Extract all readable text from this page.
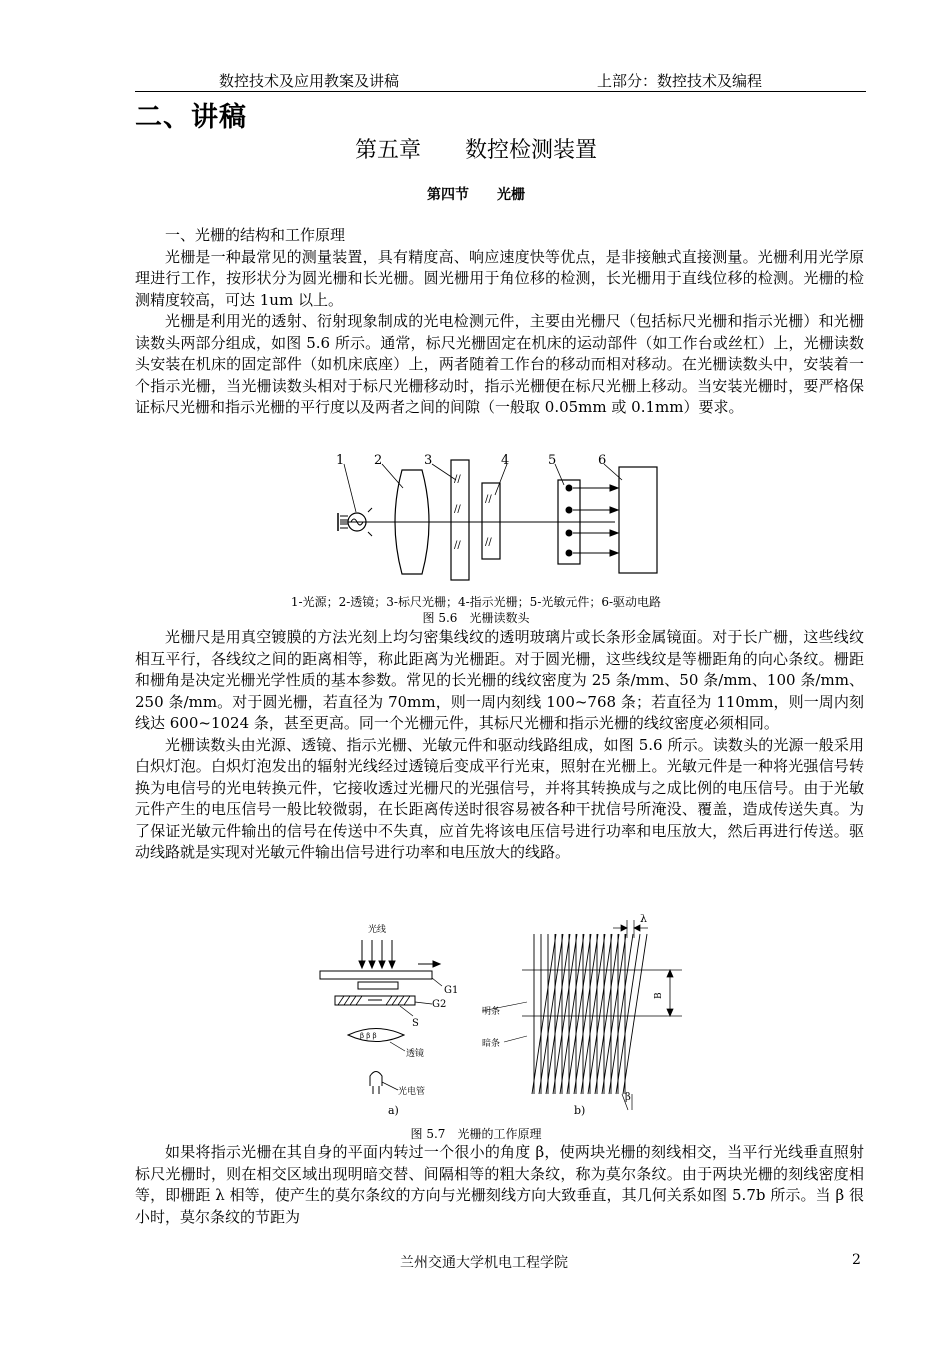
数控技术及应用教案及讲稿	上部分：数控技术及编程
二、讲稿
第五章　　数控检测装置
第四节　　光栅

一、光栅的结构和工作原理

光栅是一种最常见的测量装置，具有精度高、响应速度快等优点，是非接触式直接测量。光栅利用光学原理进行工作，按形状分为圆光栅和长光栅。圆光栅用于角位移的检测，长光栅用于直线位移的检测。光栅的检测精度较高，可达 1um 以上。

光栅是利用光的透射、衍射现象制成的光电检测元件，主要由光栅尺（包括标尺光栅和指示光栅）和光栅读数头两部分组成，如图 5.6 所示。通常，标尺光栅固定在机床的运动部件（如工作台或丝杠）上，光栅读数头安装在机床的固定部件（如机床底座）上，两者随着工作台的移动而相对移动。在光栅读数头中，安装着一个指示光栅，当光栅读数头相对于标尺光栅移动时，指示光栅便在标尺光栅上移动。当安装光栅时，要严格保证标尺光栅和指示光栅的平行度以及两者之间的间隙（一般取 0.05mm 或 0.1mm）要求。

//
//
//
//
//
1 2	3	4	5	6
1-光源；2-透镜；3-标尺光栅；4-指示光栅；5-光敏元件；6-驱动电路
图 5.6　光栅读数头

光栅尺是用真空镀膜的方法光刻上均匀密集线纹的透明玻璃片或长条形金属镜面。对于长广栅，这些线纹相互平行，各线纹之间的距离相等，称此距离为光栅距。对于圆光栅，这些线纹是等栅距角的向心条纹。栅距和栅角是决定光栅光学性质的基本参数。常见的长光栅的线纹密度为 25 条/mm、50 条/mm、100 条/mm、250 条/mm。对于圆光栅，若直径为 70mm，则一周内刻线 100~768 条；若直径为 110mm，则一周内刻线达 600~1024 条，甚至更高。同一个光栅元件，其标尺光栅和指示光栅的线纹密度必须相同。

光栅读数头由光源、透镜、指示光栅、光敏元件和驱动线路组成，如图 5.6 所示。读数头的光源一般采用白炽灯泡。白炽灯泡发出的辐射光线经过透镜后变成平行光束，照射在光栅上。光敏元件是一种将光强信号转换为电信号的光电转换元件，它接收透过光栅尺的光强信号，并将其转换成与之成比例的电压信号。由于光敏元件产生的电压信号一般比较微弱，在长距离传送时很容易被各种干扰信号所淹没、覆盖，造成传送失真。为了保证光敏元件输出的信号在传送中不失真，应首先将该电压信号进行功率和电压放大，然后再进行传送。驱动线路就是实现对光敏元件输出信号进行功率和电压放大的线路。

光线
G1
G2
S
β β β
透镜
光电管
a)
B
λ
明条
暗条
β
b)
图 5.7　光栅的工作原理

如果将指示光栅在其自身的平面内转过一个很小的角度 β，使两块光栅的刻线相交，当平行光线垂直照射标尺光栅时，则在相交区域出现明暗交替、间隔相等的粗大条纹，称为莫尔条纹。由于两块光栅的刻线密度相等，即栅距 λ 相等，使产生的莫尔条纹的方向与光栅刻线方向大致垂直，其几何关系如图 5.7b 所示。当 β 很小时，莫尔条纹的节距为

兰州交通大学机电工程学院	2
